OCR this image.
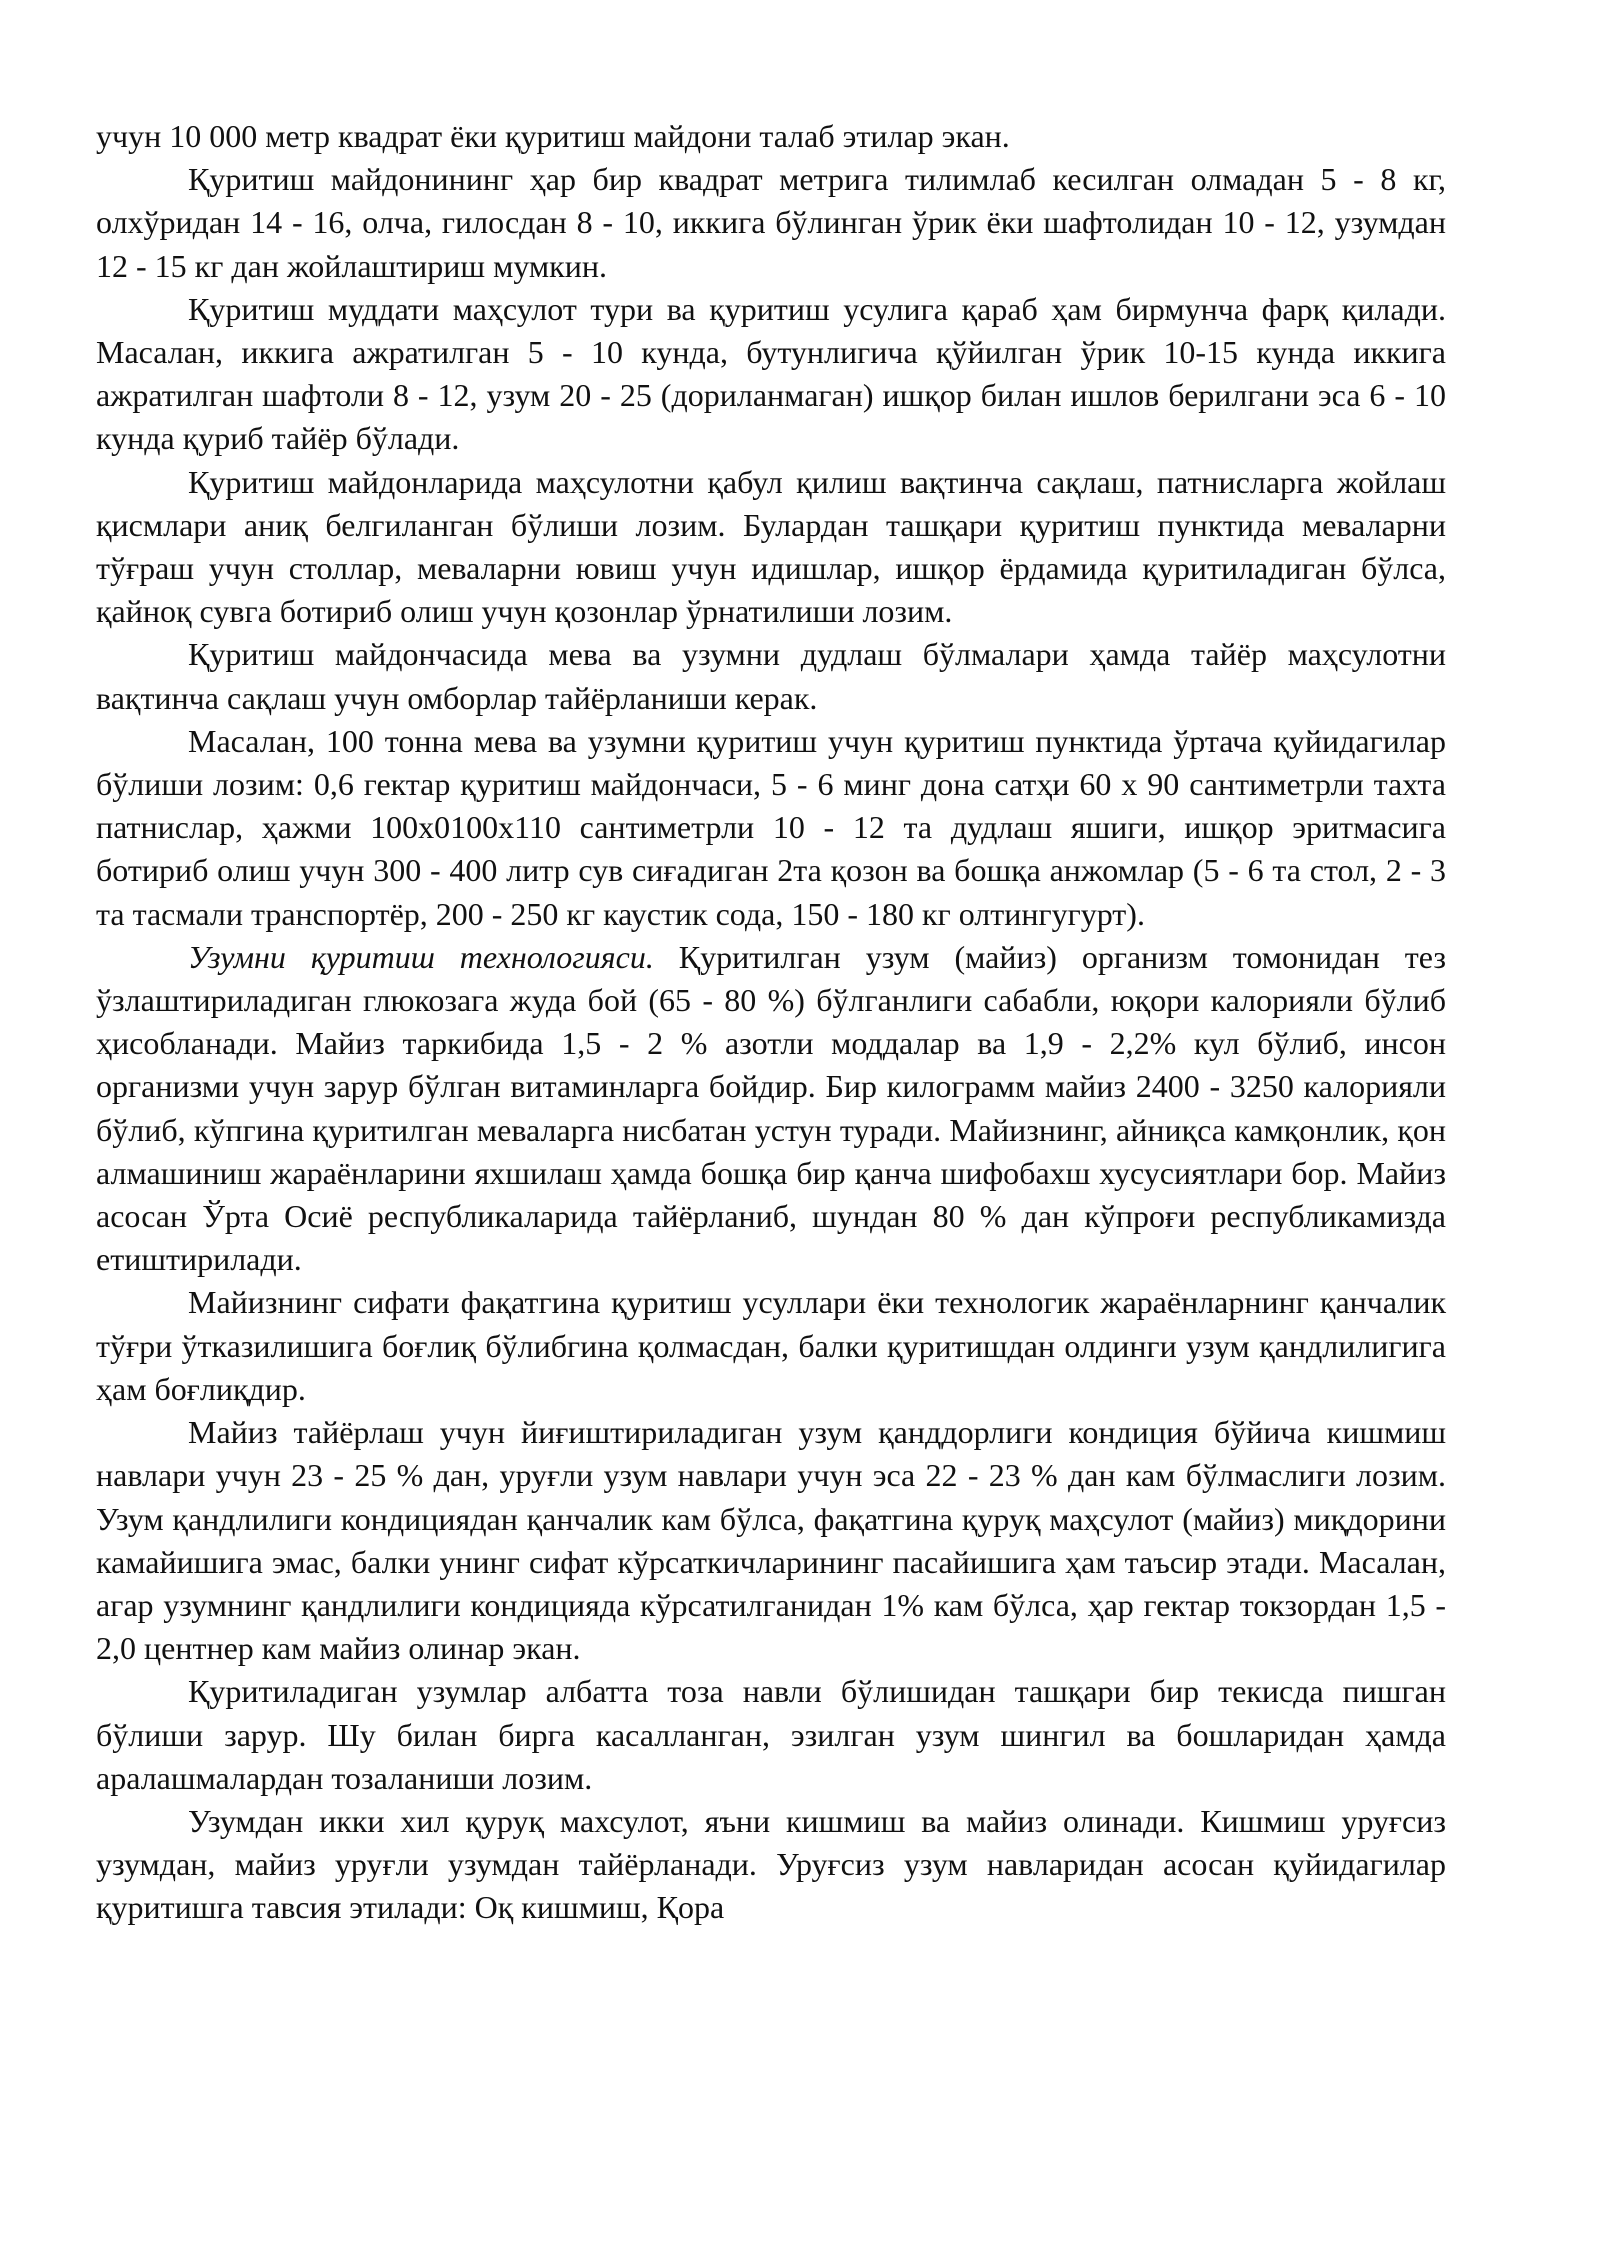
учун 10 000 метр квадрат ёки қуритиш майдони талаб этилар экан.

Қуритиш майдонининг ҳар бир квадрат метрига тилимлаб кесилган олмадан 5 - 8 кг, олхўридан 14 - 16, олча, гилосдан 8 - 10, иккига бўлинган ўрик ёки шафтолидан 10 - 12, узумдан 12 - 15 кг дан жойлаштириш мумкин.

Қуритиш муддати маҳсулот тури ва қуритиш усулига қараб ҳам бирмунча фарқ қилади. Масалан, иккига ажратилган 5 - 10 кунда, бутунлигича қўйилган ўрик 10-15 кунда иккига ажратилган шафтоли 8 - 12, узум 20 - 25 (дориланмаган) ишқор билан ишлов берилгани эса 6 - 10 кунда қуриб тайёр бўлади.

Қуритиш майдонларида маҳсулотни қабул қилиш вақтинча сақлаш, патнисларга жойлаш қисмлари аниқ белгиланган бўлиши лозим. Булардан ташқари қуритиш пунктида меваларни тўғраш учун столлар, меваларни ювиш учун идишлар, ишқор ёрдамида қуритиладиган бўлса, қайноқ сувга ботириб олиш учун қозонлар ўрнатилиши лозим.

Қуритиш майдончасида мева ва узумни дудлаш бўлмалари ҳамда тайёр маҳсулотни вақтинча сақлаш учун омборлар тайёрланиши керак.

Масалан, 100 тонна мева ва узумни қуритиш учун қуритиш пунктида ўртача қуйидагилар бўлиши лозим: 0,6 гектар қуритиш майдончаси, 5 - 6 минг дона сатҳи 60 х 90 сантиметрли тахта патнислар, ҳажми 100х0100х110 сантиметрли 10 - 12 та дудлаш яшиги, ишқор эритмасига ботириб олиш учун 300 - 400 литр сув сиғадиган 2та қозон ва бошқа анжомлар (5 - 6 та стол, 2 - 3 та тасмали транспортёр, 200 - 250 кг каустик сода, 150 - 180 кг олтингугурт).

Узумни қуритиш технологияси. Қуритилган узум (майиз) организм томонидан тез ўзлаштириладиган глюкозага жуда бой (65 - 80 %) бўлганлиги сабабли, юқори калорияли бўлиб ҳисобланади. Майиз таркибида 1,5 - 2 % азотли моддалар ва 1,9 - 2,2% кул бўлиб, инсон организми учун зарур бўлган витаминларга бойдир. Бир килограмм майиз 2400 - 3250 калорияли бўлиб, кўпгина қуритилган меваларга нисбатан устун туради. Майизнинг, айниқса камқонлик, қон алмашиниш жараёнларини яхшилаш ҳамда бошқа бир қанча шифобахш хусусиятлари бор. Майиз асосан Ўрта Осиё республикаларида тайёрланиб, шундан 80 % дан кўпроғи республикамизда етиштирилади.

Майизнинг сифати фақатгина қуритиш усуллари ёки технологик жараёнларнинг қанчалик тўғри ўтказилишига боғлиқ бўлибгина қолмасдан, балки қуритишдан олдинги узум қандлилигига ҳам боғлиқдир.

Майиз тайёрлаш учун йиғиштириладиган узум қанддорлиги кондиция бўйича кишмиш навлари учун 23 - 25 % дан, уруғли узум навлари учун эса 22 - 23 % дан кам бўлмаслиги лозим. Узум қандлилиги кондициядан қанчалик кам бўлса, фақатгина қуруқ маҳсулот (майиз) миқдорини камайишига эмас, балки унинг сифат кўрсаткичларининг пасайишига ҳам таъсир этади. Масалан, агар узумнинг қандлилиги кондицияда кўрсатилганидан 1% кам бўлса, ҳар гектар токзордан 1,5 - 2,0 центнер кам майиз олинар экан.

Қуритиладиган узумлар албатта тоза навли бўлишидан ташқари бир текисда пишган бўлиши зарур. Шу билан бирга касалланган, эзилган узум шингил ва бошларидан ҳамда аралашмалардан тозаланиши лозим.

Узумдан икки хил қуруқ махсулот, яъни кишмиш ва майиз олинади. Кишмиш уруғсиз узумдан, майиз уруғли узумдан тайёрланади. Уруғсиз узум навларидан асосан қуйидагилар қуритишга тавсия этилади: Оқ кишмиш, Қора
